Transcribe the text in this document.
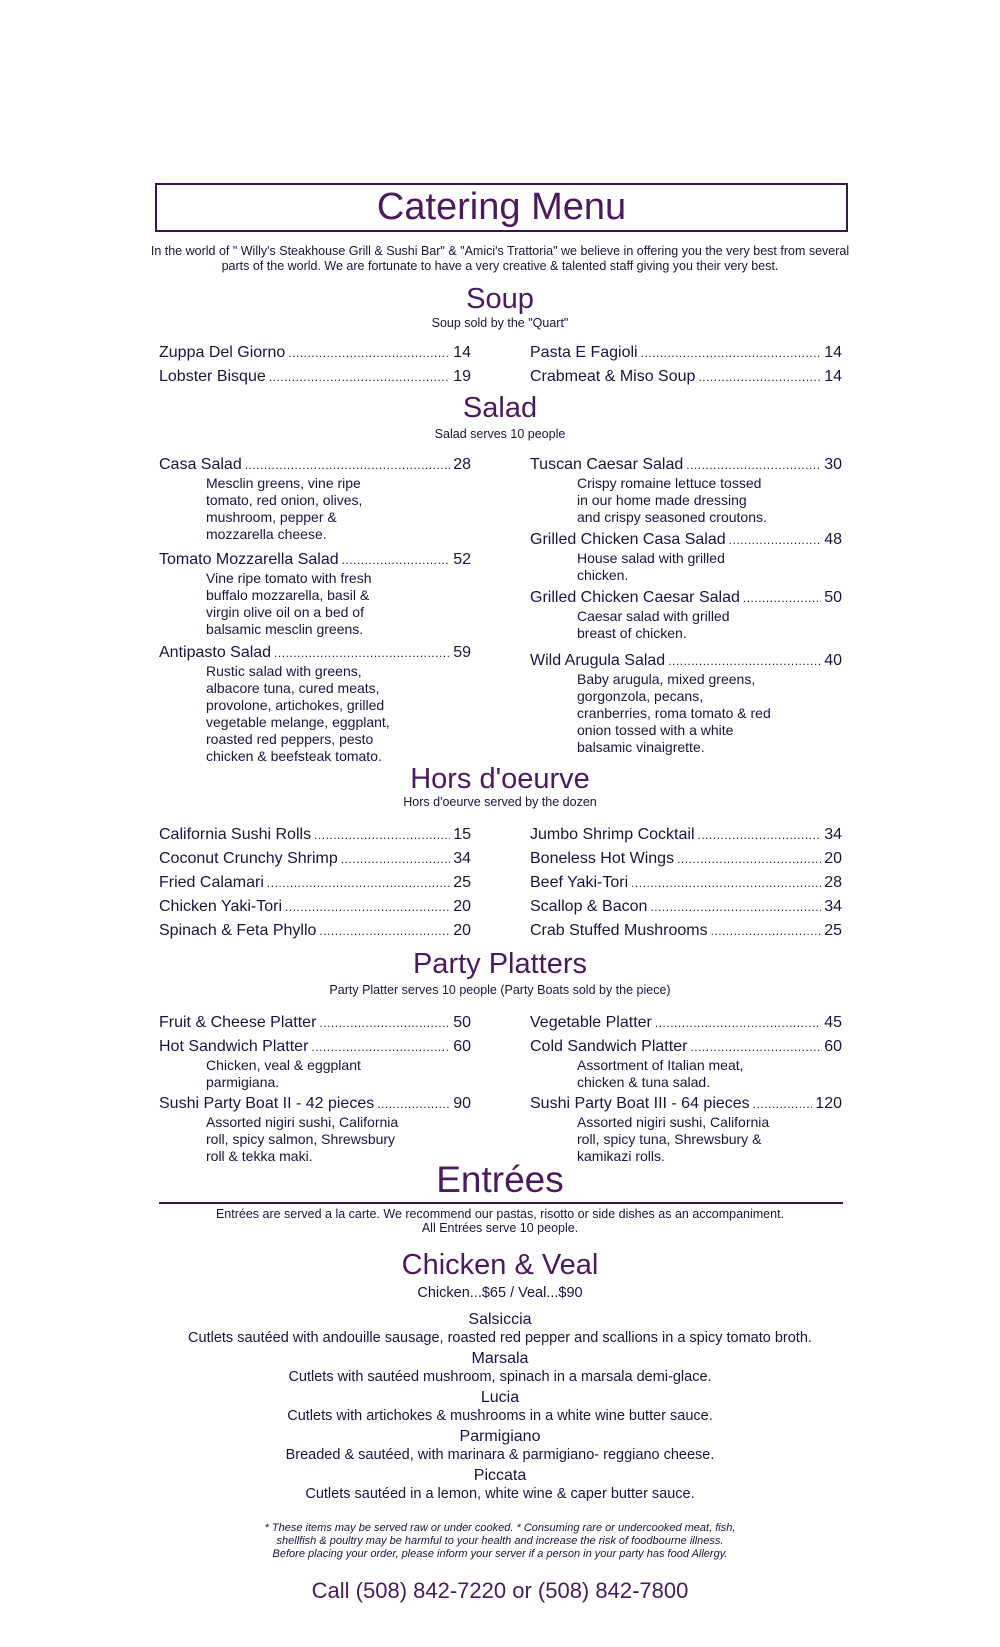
Catering Menu
In the world of " Willy's Steakhouse Grill & Sushi Bar" & "Amici's Trattoria" we believe in offering you the very best from several parts of the world. We are fortunate to have a very creative & talented staff giving you their very best.
Soup
Soup sold by the "Quart"
Zuppa Del Giorno .....	14
Lobster Bisque .....	19
Pasta E Fagioli .....	14
Crabmeat & Miso Soup .....	14
Salad
Salad serves 10 people
Casa Salad .....	28
Mesclin greens, vine ripe
tomato, red onion, olives,
mushroom, pepper &
mozzarella cheese.
Tomato Mozzarella Salad .....	52
Vine ripe tomato with fresh
buffalo mozzarella, basil &
virgin olive oil on a bed of
balsamic mesclin greens.
Antipasto Salad .....	59
Rustic salad with greens,
albacore tuna, cured meats,
provolone, artichokes, grilled
vegetable melange, eggplant,
roasted red peppers, pesto
chicken & beefsteak tomato.
Tuscan Caesar Salad .....	30
Crispy romaine lettuce tossed
in our home made dressing
and crispy seasoned croutons.
Grilled Chicken Casa Salad .....	48
House salad with grilled
chicken.
Grilled Chicken Caesar Salad .....	50
Caesar salad with grilled
breast of chicken.
Wild Arugula Salad .....	40
Baby arugula, mixed greens,
gorgonzola, pecans,
cranberries, roma tomato & red
onion tossed with a white
balsamic vinaigrette.
Hors d'oeurve
Hors d'oeurve served by the dozen
California Sushi Rolls .....	15
Coconut Crunchy Shrimp .....	34
Fried Calamari .....	25
Chicken Yaki-Tori .....	20
Spinach & Feta Phyllo .....	20
Jumbo Shrimp Cocktail .....	34
Boneless Hot Wings .....	20
Beef Yaki-Tori .....	28
Scallop & Bacon .....	34
Crab Stuffed Mushrooms .....	25
Party Platters
Party Platter serves 10 people (Party Boats sold by the piece)
Fruit & Cheese Platter .....	50
Hot Sandwich Platter .....	60
Chicken, veal & eggplant
parmigiana.
Sushi Party Boat II - 42 pieces .....	90
Assorted nigiri sushi, California
roll, spicy salmon, Shrewsbury
roll & tekka maki.
Vegetable Platter .....	45
Cold Sandwich Platter .....	60
Assortment of Italian meat,
chicken & tuna salad.
Sushi Party Boat III - 64 pieces .....	120
Assorted nigiri sushi, California
roll, spicy tuna, Shrewsbury &
kamikazi rolls.
Entrées
Entrées are served a la carte. We recommend our pastas, risotto or side dishes as an accompaniment.
All Entrées serve 10 people.
Chicken & Veal
Chicken...$65 / Veal...$90
Salsiccia
Cutlets sautéed with andouille sausage, roasted red pepper and scallions in a spicy tomato broth.
Marsala
Cutlets with sautéed mushroom, spinach in a marsala demi-glace.
Lucia
Cutlets with artichokes & mushrooms in a white wine butter sauce.
Parmigiano
Breaded & sautéed, with marinara & parmigiano- reggiano cheese.
Piccata
Cutlets sautéed in a lemon, white wine & caper butter sauce.
* These items may be served raw or under cooked. * Consuming rare or undercooked meat, fish,
shellfish & poultry may be harmful to your health and increase the risk of foodbourne illness.
Before placing your order, please inform your server if a person in your party has food Allergy.
Call (508) 842-7220 or (508) 842-7800
